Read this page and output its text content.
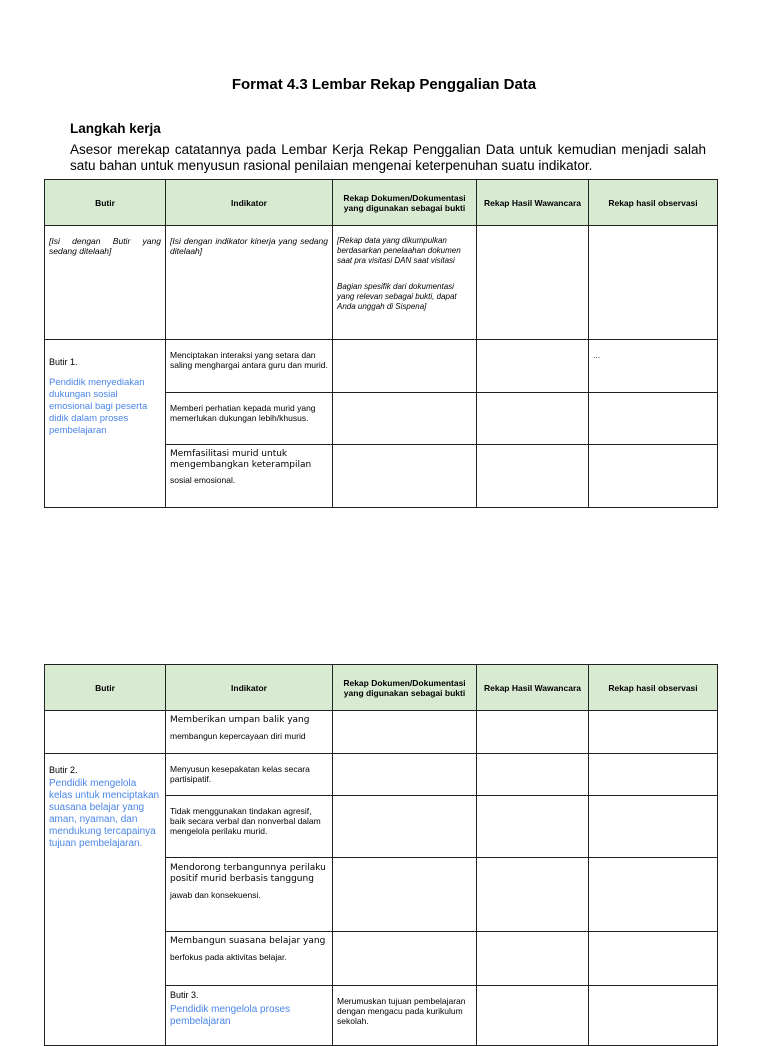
Format 4.3 Lembar Rekap Penggalian Data
Langkah kerja
Asesor merekap catatannya pada Lembar Kerja Rekap Penggalian Data untuk kemudian menjadi salah satu bahan untuk menyusun rasional penilaian mengenai keterpenuhan suatu indikator.
Butir	Indikator	Rekap Dokumen/Dokumentasi yang digunakan sebagai bukti	Rekap Hasil Wawancara	Rekap hasil observasi

[Isi dengan Butir yang sedang ditelaah]	[Isi dengan indikator kinerja yang sedang ditelaah]	[Rekap data yang dikumpulkan berdasarkan penelaahan dokumen saat pra visitasi DAN saat visitasi
Bagian spesifik dari dokumentasi yang relevan sebagai bukti, dapat Anda unggah di Sispena]		

Butir 1.
Pendidik menyediakan dukungan sosial emosional bagi peserta didik dalam proses pembelajaran	Menciptakan interaksi yang setara dan saling menghargai antara guru dan murid.			...

	Memberi perhatian kepada murid yang memerlukan dukungan lebih/khusus.			

	Memfasilitasi murid untuk mengembangkan keterampilan
sosial emosional.			

Butir	Indikator	Rekap Dokumen/Dokumentasi yang digunakan sebagai bukti	Rekap Hasil Wawancara	Rekap hasil observasi	

	Memberikan umpan balik yang
membangun kepercayaan diri murid				

Butir 2.
Pendidik mengelola kelas untuk menciptakan suasana belajar yang aman, nyaman, dan mendukung tercapainya tujuan pembelajaran.	Menyusun kesepakatan kelas secara partisipatif.				

	Tidak menggunakan tindakan agresif, baik secara verbal dan nonverbal dalam mengelola perilaku murid.				

	Mendorong terbangunnya perilaku positif murid berbasis tanggung
jawab dan konsekuensi.				

	Membangun suasana belajar yang
berfokus pada aktivitas belajar.				

	Butir 3.
Pendidik mengelola proses pembelajaran	Merumuskan tujuan pembelajaran dengan mengacu pada kurikulum sekolah.			
